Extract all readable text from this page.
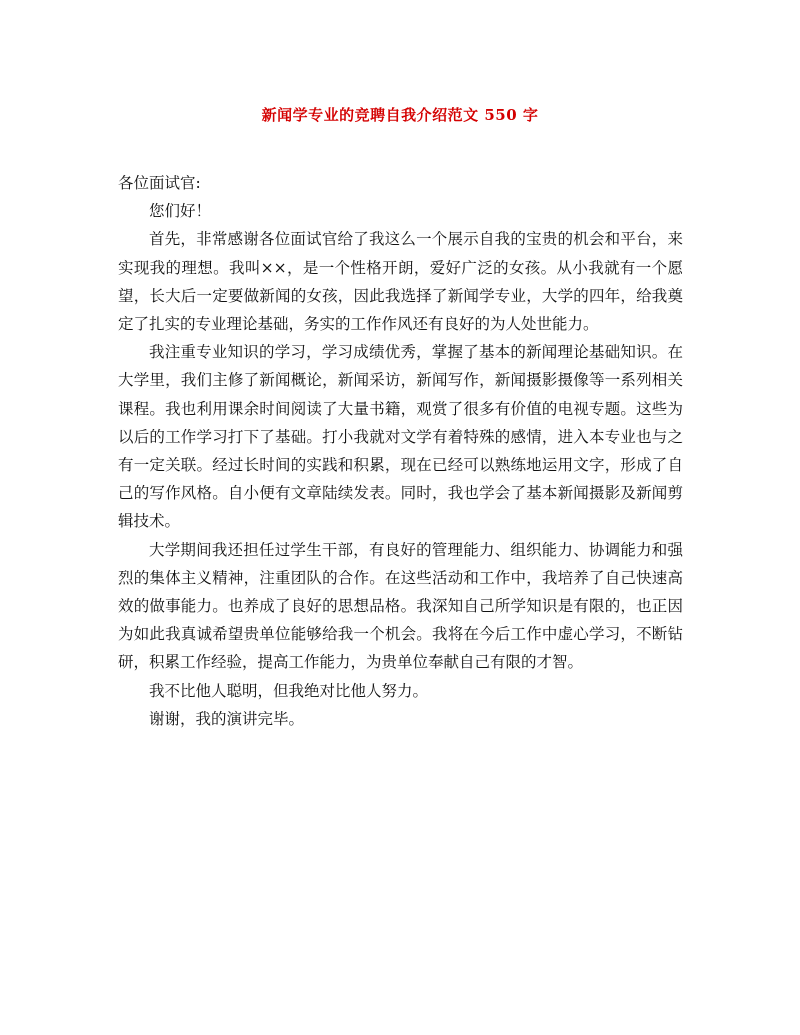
新闻学专业的竞聘自我介绍范文 550 字

各位面试官:

您们好！

首先，非常感谢各位面试官给了我这么一个展示自我的宝贵的机会和平台，来实现我的理想。我叫××，是一个性格开朗，爱好广泛的女孩。从小我就有一个愿望，长大后一定要做新闻的女孩，因此我选择了新闻学专业，大学的四年，给我奠定了扎实的专业理论基础，务实的工作作风还有良好的为人处世能力。

我注重专业知识的学习，学习成绩优秀，掌握了基本的新闻理论基础知识。在大学里，我们主修了新闻概论，新闻采访，新闻写作，新闻摄影摄像等一系列相关课程。我也利用课余时间阅读了大量书籍，观赏了很多有价值的电视专题。这些为以后的工作学习打下了基础。打小我就对文学有着特殊的感情，进入本专业也与之有一定关联。经过长时间的实践和积累，现在已经可以熟练地运用文字，形成了自己的写作风格。自小便有文章陆续发表。同时，我也学会了基本新闻摄影及新闻剪辑技术。

大学期间我还担任过学生干部，有良好的管理能力、组织能力、协调能力和强烈的集体主义精神，注重团队的合作。在这些活动和工作中，我培养了自己快速高效的做事能力。也养成了良好的思想品格。我深知自己所学知识是有限的，也正因为如此我真诚希望贵单位能够给我一个机会。我将在今后工作中虚心学习，不断钻研，积累工作经验，提高工作能力，为贵单位奉献自己有限的才智。

我不比他人聪明，但我绝对比他人努力。

谢谢，我的演讲完毕。
